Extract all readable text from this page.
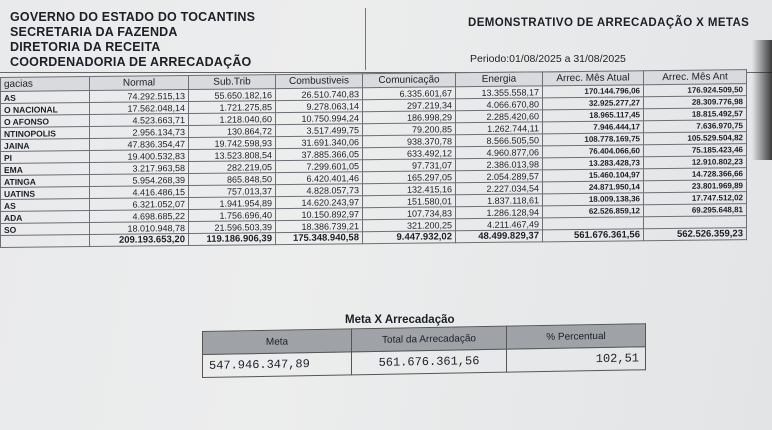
GOVERNO DO ESTADO DO TOCANTINS
SECRETARIA DA FAZENDA
DIRETORIA DA RECEITA
COORDENADORIA DE ARRECADAÇÃO
DEMONSTRATIVO DE ARRECADAÇÃO X METAS
Periodo:01/08/2025 a 31/08/2025
gacias	Normal	Sub.Trib	Combustiveis	Comunicação	Energia	Arrec. Mês Atual	Arrec. Mês Ant
AS	74.292.515,13	55.650.182,16	26.510.740,83	6.335.601,67	13.355.558,17	170.144.796,06	176.924.509,50
O NACIONAL	17.562.048,14	1.721.275,85	9.278.063,14	297.219,34	4.066.670,80	32.925.277,27	28.309.776,98
O AFONSO	4.523.663,71	1.218.040,60	10.750.994,24	186.998,29	2.285.420,60	18.965.117,45	18.815.492,57
NTINOPOLIS	2.956.134,73	130.864,72	3.517.499,75	79.200,85	1.262.744,11	7.946.444,17	7.636.970,75
JAINA	47.836.354,47	19.742.598,93	31.691.340,06	938.370,78	8.566.505,50	108.778.169,75	105.529.504,82
PI	19.400.532,83	13.523.808,54	37.885.366,05	633.492,12	4.960.877,06	76.404.066,60	75.185.423,46
EMA	3.217.963,58	282.219,05	7.299.601,05	97.731,07	2.386.013,98	13.283.428,73	12.910.802,23
ATINGA	5.954.268,39	865.848,50	6.420.401,46	165.297,05	2.054.289,57	15.460.104,97	14.728.366,66
UATINS	4.416.486,15	757.013,37	4.828.057,73	132.415,16	2.227.034,54	24.871.950,14	23.801.969,89
AS	6.321.052,07	1.941.954,89	14.620.243,97	151.580,01	1.837.118,61	18.009.138,36	17.747.512,02
ADA	4.698.685,22	1.756.696,40	10.150.892,97	107.734,83	1.286.128,94	62.526.859,12	69.295.648,81
SO	18.010.948,78	21.596.503,39	18.386.739,21	321.200,25	4.211.467,49		
	209.193.653,20	119.186.906,39	175.348.940,58	9.447.932,02	48.499.829,37	561.676.361,56	562.526.359,23
Meta X Arrecadação
Meta	Total da Arrecadação	% Percentual
547.946.347,89	561.676.361,56	102,51
